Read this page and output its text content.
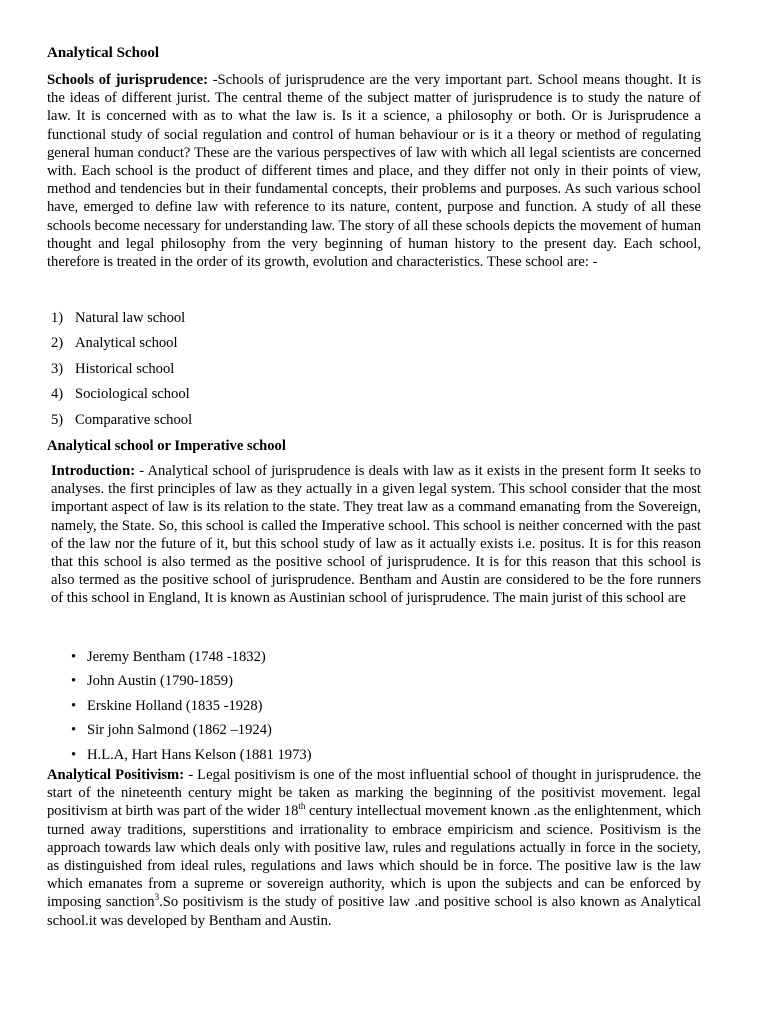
Analytical School

Schools of jurisprudence: -Schools of jurisprudence are the very important part. School means thought. It is the ideas of different jurist. The central theme of the subject matter of jurisprudence is to study the nature of law. It is concerned with as to what the law is. Is it a science, a philosophy or both. Or is Jurisprudence a functional study of social regulation and control of human behaviour or is it a theory or method of regulating general human conduct? These are the various perspectives of law with which all legal scientists are concerned with. Each school is the product of different times and place, and they differ not only in their points of view, method and tendencies but in their fundamental concepts, their problems and purposes. As such various school have, emerged to define law with reference to its nature, content, purpose and function. A study of all these schools become necessary for understanding law. The story of all these schools depicts the movement of human thought and legal philosophy from the very beginning of human history to the present day. Each school, therefore is treated in the order of its growth, evolution and characteristics. These school are: -

1) Natural law school
2) Analytical school
3) Historical school
4) Sociological school
5) Comparative school
Analytical school or Imperative school

Introduction: - Analytical school of jurisprudence is deals with law as it exists in the present form It seeks to analyses. the first principles of law as they actually in a given legal system. This school consider that the most important aspect of law is its relation to the state. They treat law as a command emanating from the Sovereign, namely, the State. So, this school is called the Imperative school. This school is neither concerned with the past of the law nor the future of it, but this school study of law as it actually exists i.e. positus. It is for this reason that this school is also termed as the positive school of jurisprudence. It is for this reason that this school is also termed as the positive school of jurisprudence. Bentham and Austin are considered to be the fore runners of this school in England, It is known as Austinian school of jurisprudence. The main jurist of this school are

• Jeremy Bentham (1748 -1832)
• John Austin (1790-1859)
• Erskine Holland (1835 -1928)
• Sir john Salmond (1862 –1924)
• H.L.A, Hart Hans Kelson (1881 1973)

Analytical Positivism: - Legal positivism is one of the most influential school of thought in jurisprudence. the start of the nineteenth century might be taken as marking the beginning of the positivist movement. legal positivism at birth was part of the wider 18th century intellectual movement known .as the enlightenment, which turned away traditions, superstitions and irrationality to embrace empiricism and science. Positivism is the approach towards law which deals only with positive law, rules and regulations actually in force in the society, as distinguished from ideal rules, regulations and laws which should be in force. The positive law is the law which emanates from a supreme or sovereign authority, which is upon the subjects and can be enforced by imposing sanction$^3$.So positivism is the study of positive law .and positive school is also known as Analytical school.it was developed by Bentham and Austin.
